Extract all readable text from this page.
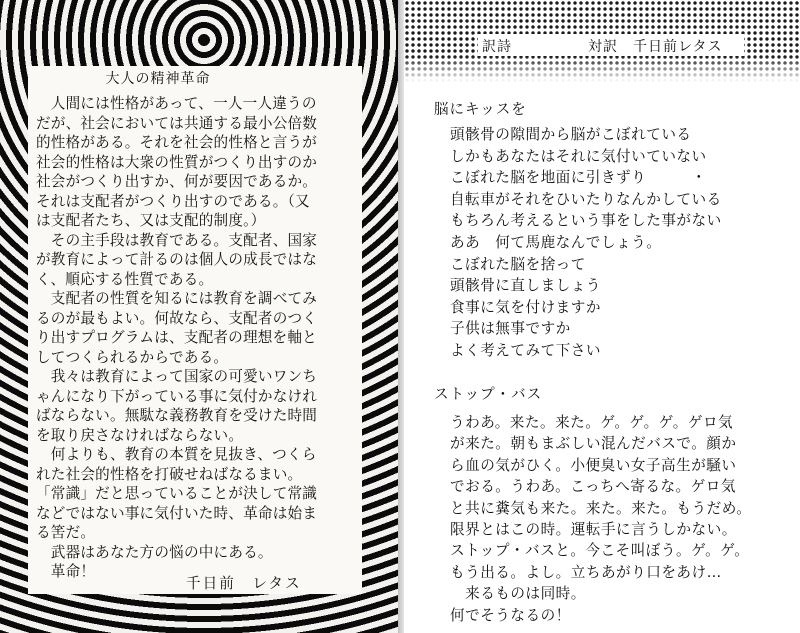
大人の精神革命
　人間には性格があって、一人一人違うの
だが、社会においては共通する最小公倍数
的性格がある。それを社会的性格と言うが
社会的性格は大衆の性質がつくり出すのか
社会がつくり出すか、何が要因であるか。
それは支配者がつくり出すのである。（又
は支配者たち、又は支配的制度。）
　その主手段は教育である。支配者、国家
が教育によって計るのは個人の成長ではな
く、順応する性質である。
　支配者の性質を知るには教育を調べてみ
るのが最もよい。何故なら、支配者のつく
り出すプログラムは、支配者の理想を軸と
してつくられるからである。
　我々は教育によって国家の可愛いワンち
ゃんになり下がっている事に気付かなけれ
ばならない。無駄な義務教育を受けた時間
を取り戻さなければならない。
　何よりも、教育の本質を見抜き、つくら
れた社会的性格を打破せねばなるまい。
「常識」だと思っていることが決して常識
などではない事に気付いた時、革命は始ま
る筈だ。
　武器はあなた方の悩の中にある。
　革命！
千日前　レタス
訳詩	対訳　千日前レタス
脳にキッスを
頭骸骨の隙間から脳がこぼれている
しかもあなたはそれに気付いていない
こぼれた脳を地面に引きずり　　　・
自転車がそれをひいたりなんかしている
もちろん考えるという事をした事がない
ああ　何て馬鹿なんでしょう。
こぼれた脳を捨って
頭骸骨に直しましょう
食事に気を付けますか
子供は無事ですか
よく考えてみて下さい
ストップ・バス
うわあ。来た。来た。ゲ。ゲ。ゲ。ゲロ気
が来た。朝もまぶしい混んだバスで。顔か
ら血の気がひく。小便臭い女子高生が騒い
でおる。うわあ。こっちへ寄るな。ゲロ気
と共に糞気も来た。来た。来た。もうだめ。
限界とはこの時。運転手に言うしかない。
ストップ・バスと。今こそ叫ぼう。ゲ。ゲ。
もう出る。よし。立ちあがり口をあけ…
　来るものは同時。
何でそうなるの！
